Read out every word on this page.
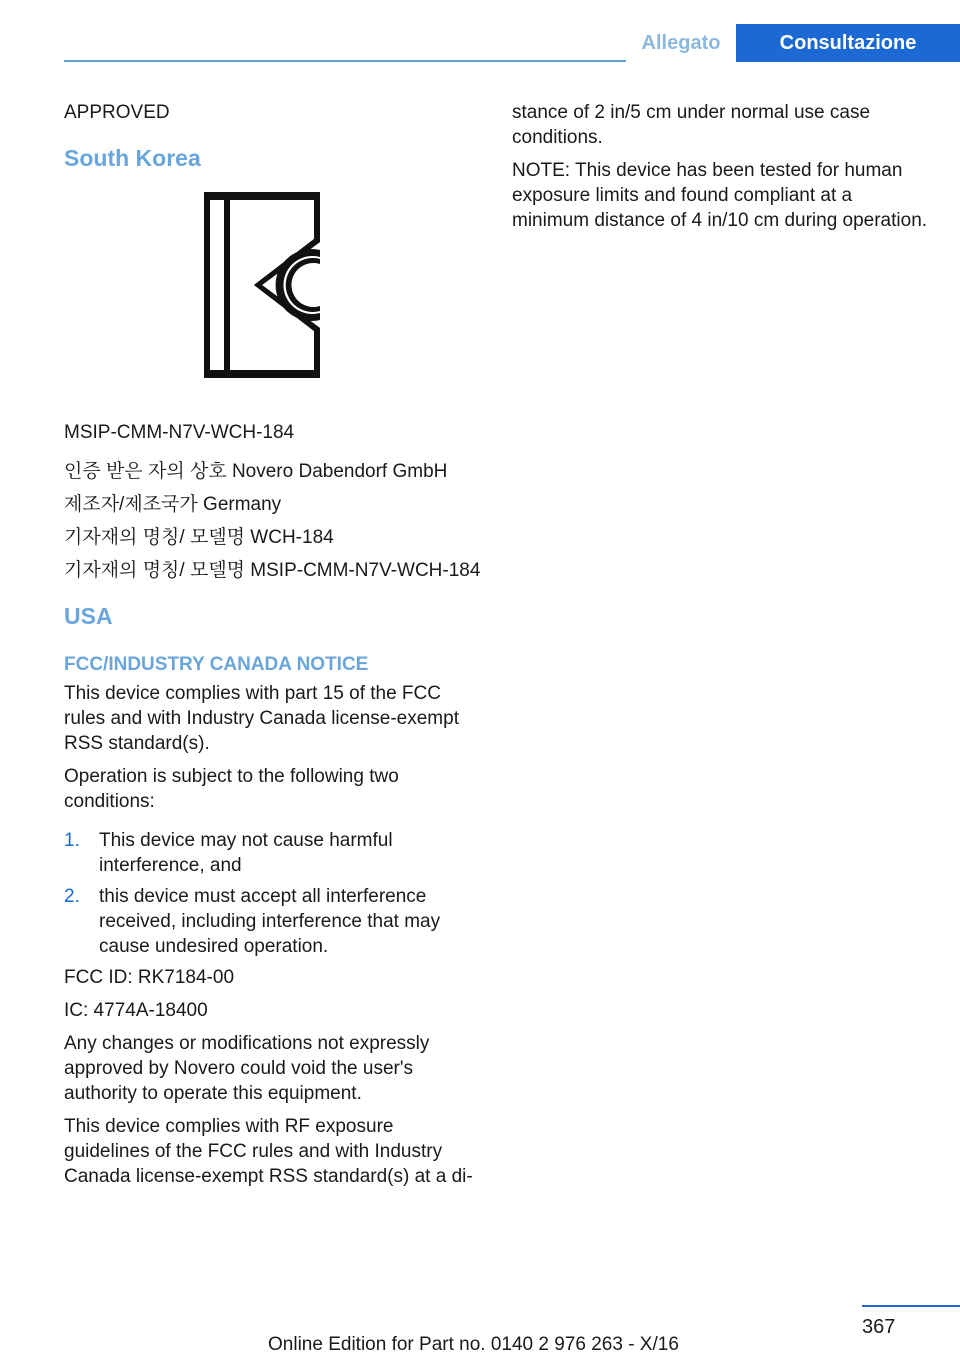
Allegato	Consultazione

APPROVED

South Korea

MSIP-CMM-N7V-WCH-184

인증 받은 자의 상호 Novero Dabendorf GmbH

제조자/제조국가 Germany

기자재의 명칭/ 모델명 WCH-184

기자재의 명칭/ 모델명 MSIP-CMM-N7V-WCH-184

USA
FCC/INDUSTRY CANADA NOTICE

This device complies with part 15 of the FCC rules and with Industry Canada license-exempt RSS standard(s).

Operation is subject to the following two conditions:

1. This device may not cause harmful interference, and
2. this device must accept all interference received, including interference that may cause undesired operation.

FCC ID: RK7184-00

IC: 4774A-18400

Any changes or modifications not expressly approved by Novero could void the user's authority to operate this equipment.

This device complies with RF exposure guidelines of the FCC rules and with Industry Canada license-exempt RSS standard(s) at a di-

stance of 2 in/5 cm under normal use case conditions.

NOTE: This device has been tested for human exposure limits and found compliant at a minimum distance of 4 in/10 cm during operation.

367
Online Edition for Part no. 0140 2 976 263 - X/16
